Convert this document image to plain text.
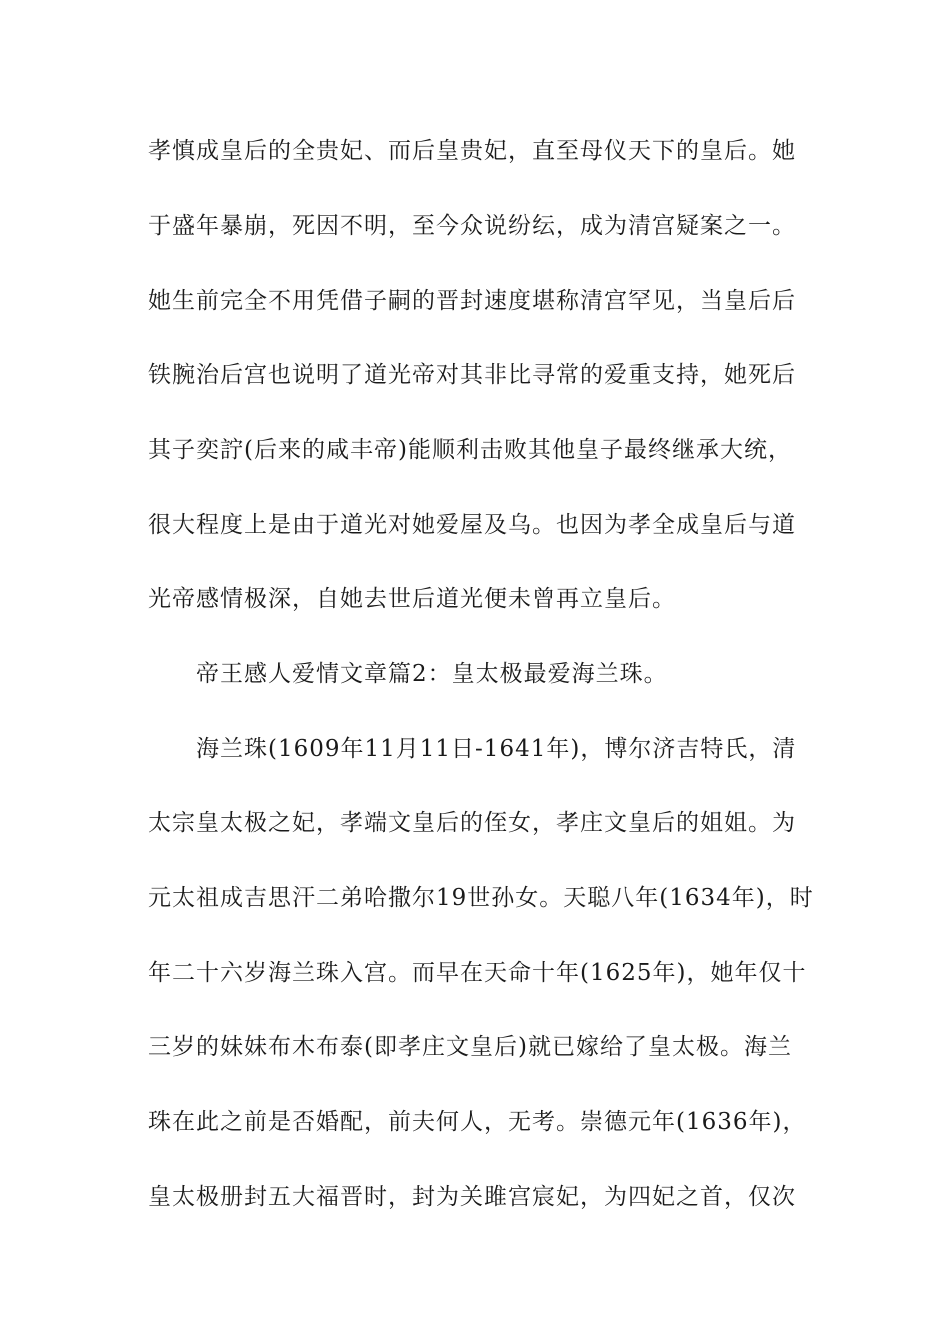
孝慎成皇后的全贵妃、而后皇贵妃，直至母仪天下的皇后。她
于盛年暴崩，死因不明，至今众说纷纭，成为清宫疑案之一。
她生前完全不用凭借子嗣的晋封速度堪称清宫罕见，当皇后后
铁腕治后宫也说明了道光帝对其非比寻常的爱重支持，她死后
其子奕詝(后来的咸丰帝)能顺利击败其他皇子最终继承大统，
很大程度上是由于道光对她爱屋及乌。也因为孝全成皇后与道
光帝感情极深，自她去世后道光便未曾再立皇后。
帝王感人爱情文章篇2：皇太极最爱海兰珠。
海兰珠(1609年11月11日-1641年)，博尔济吉特氏，清
太宗皇太极之妃，孝端文皇后的侄女，孝庄文皇后的姐姐。为
元太祖成吉思汗二弟哈撒尔19世孙女。天聪八年(1634年)，时
年二十六岁海兰珠入宫。而早在天命十年(1625年)，她年仅十
三岁的妹妹布木布泰(即孝庄文皇后)就已嫁给了皇太极。海兰
珠在此之前是否婚配，前夫何人，无考。崇德元年(1636年)，
皇太极册封五大福晋时，封为关雎宫宸妃，为四妃之首，仅次
